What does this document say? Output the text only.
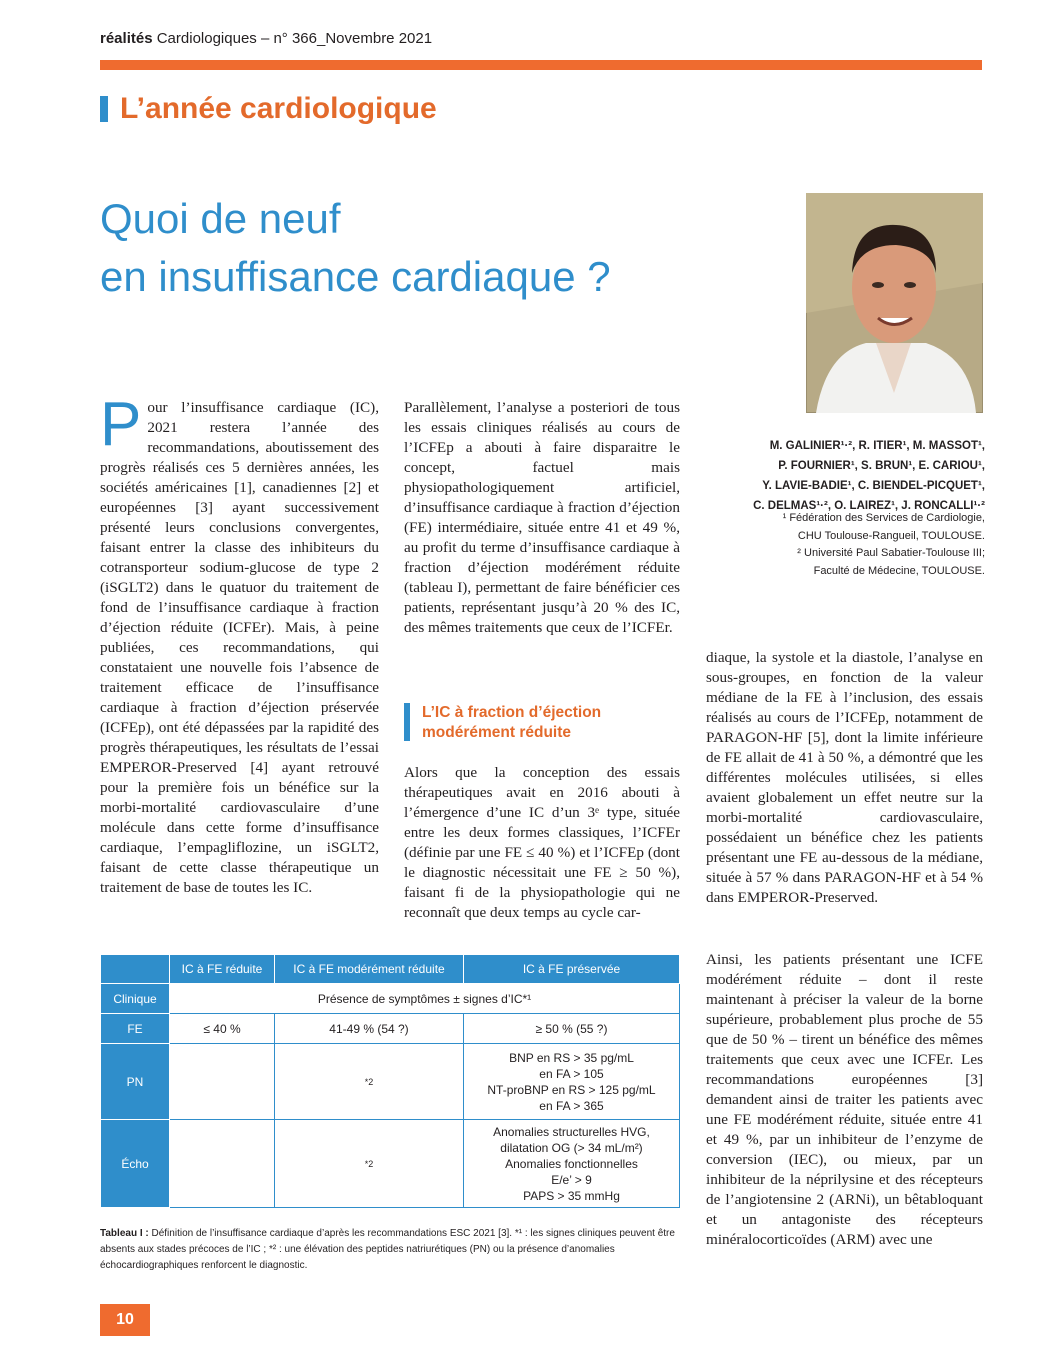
réalités Cardiologiques – n° 366_Novembre 2021
L’année cardiologique
Quoi de neuf
en insuffisance cardiaque ?
M. GALINIER¹·², R. ITIER¹, M. MASSOT¹,
P. FOURNIER¹, S. BRUN¹, E. CARIOU¹,
Y. LAVIE-BADIE¹, C. BIENDEL-PICQUET¹,
C. DELMAS¹·², O. LAIREZ¹, J. RONCALLI¹·²
¹ Fédération des Services de Cardiologie,
CHU Toulouse-Rangueil, TOULOUSE.
² Université Paul Sabatier-Toulouse III;
Faculté de Médecine, TOULOUSE.
P our l’insuffisance cardiaque (IC), 2021 restera l’année des recommandations, aboutissement des progrès réalisés ces 5 dernières années, les sociétés américaines [1], canadiennes [2] et européennes [3] ayant successivement présenté leurs conclusions convergentes, faisant entrer la classe des inhibiteurs du cotransporteur sodium-glucose de type 2 (iSGLT2) dans le quatuor du traitement de fond de l’insuffisance cardiaque à fraction d’éjection réduite (ICFEr). Mais, à peine publiées, ces recommandations, qui constataient une nouvelle fois l’absence de traitement efficace de l’insuffisance cardiaque à fraction d’éjection préservée (ICFEp), ont été dépassées par la rapidité des progrès thérapeutiques, les résultats de l’essai EMPEROR-Preserved [4] ayant retrouvé pour la première fois un bénéfice sur la morbi-mortalité cardiovasculaire d’une molécule dans cette forme d’insuffisance cardiaque, l’empagliflozine, un iSGLT2, faisant de cette classe thérapeutique un traitement de base de toutes les IC.

Parallèlement, l’analyse a posteriori de tous les essais cliniques réalisés au cours de l’ICFEp a abouti à faire disparaitre le concept, factuel mais physiopathologiquement artificiel, d’insuffisance cardiaque à fraction d’éjection (FE) intermédiaire, située entre 41 et 49 %, au profit du terme d’insuffisance cardiaque à fraction d’éjection modérément réduite (tableau I), permettant de faire bénéficier ces patients, représentant jusqu’à 20 % des IC, des mêmes traitements que ceux de l’ICFEr.

L’IC à fraction d’éjection
modérément réduite

Alors que la conception des essais thérapeutiques avait en 2016 abouti à l’émergence d’une IC d’un 3ᵉ type, située entre les deux formes classiques, l’ICFEr (définie par une FE ≤ 40 %) et l’ICFEp (dont le diagnostic nécessitait une FE ≥ 50 %), faisant fi de la physiopathologie qui ne reconnaît que deux temps au cycle car-

diaque, la systole et la diastole, l’analyse en sous-groupes, en fonction de la valeur médiane de la FE à l’inclusion, des essais réalisés au cours de l’ICFEp, notamment de PARAGON-HF [5], dont la limite inférieure de FE allait de 41 à 50 %, a démontré que les différentes molécules utilisées, si elles avaient globalement un effet neutre sur la morbi-mortalité cardiovasculaire, possédaient un bénéfice chez les patients présentant une FE au-dessous de la médiane, située à 57 % dans PARAGON-HF et à 54 % dans EMPEROR-Preserved.

Ainsi, les patients présentant une ICFE modérément réduite – dont il reste maintenant à préciser la valeur de la borne supérieure, probablement plus proche de 55 que de 50 % – tirent un bénéfice des mêmes traitements que ceux avec une ICFEr. Les recommandations européennes [3] demandent ainsi de traiter les patients avec une FE modérément réduite, située entre 41 et 49 %, par un inhibiteur de l’enzyme de conversion (IEC), ou mieux, par un inhibiteur de la néprilysine et des récepteurs de l’angiotensine 2 (ARNi), un bêtabloquant et un antagoniste des récepteurs minéralocorticoïdes (ARM) avec une

	IC à FE réduite	IC à FE modérément réduite	IC à FE préservée
Clinique	Présence de symptômes ± signes d’IC*¹		
FE	≤ 40 %	41-49 % (54 ?)	≥ 50 % (55 ?)
PN		*2	BNP en RS > 35 pg/mL
en FA > 105
NT-proBNP en RS > 125 pg/mL
en FA > 365

Écho		*2	Anomalies structurelles HVG,
dilatation OG (> 34 mL/m²)
Anomalies fonctionnelles
E/e’ > 9
PAPS > 35 mmHg
Tableau I : Définition de l’insuffisance cardiaque d’après les recommandations ESC 2021 [3]. *¹ : les signes cliniques peuvent être absents aux stades précoces de l’IC ; *² : une élévation des peptides natriurétiques (PN) ou la présence d’anomalies échocardiographiques renforcent le diagnostic.
10
